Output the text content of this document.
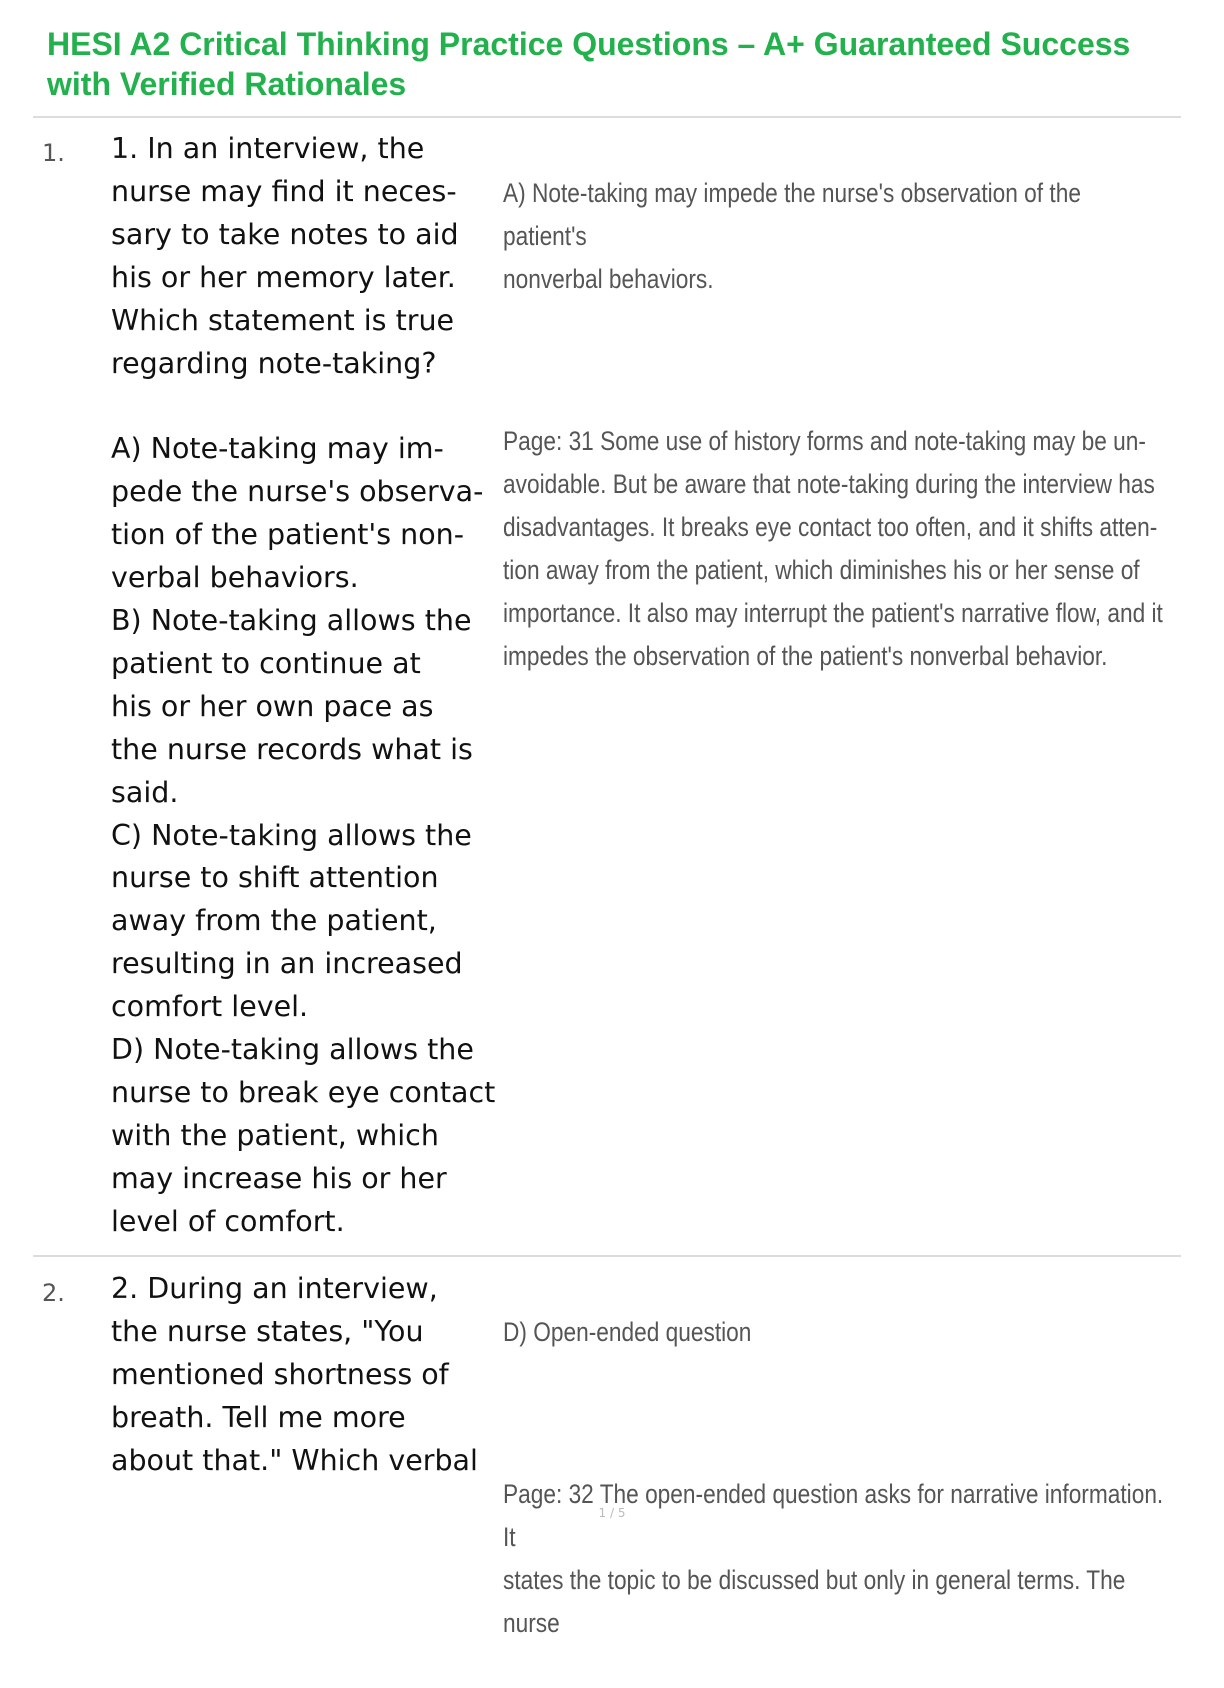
HESI A2 Critical Thinking Practice Questions – A+ Guaranteed Success with Verified Rationales
1. 1. In an interview, the
nurse may find it neces-
sary to take notes to aid
his or her memory later.
Which statement is true
regarding note-taking?

A) Note-taking may im-
pede the nurse's observa-
tion of the patient's non-
verbal behaviors.
B) Note-taking allows the
patient to continue at
his or her own pace as
the nurse records what is
said.
C) Note-taking allows the
nurse to shift attention
away from the patient,
resulting in an increased
comfort level.
D) Note-taking allows the
nurse to break eye contact
with the patient, which
may increase his or her
level of comfort.

A) Note-taking may impede the nurse's observation of the patient's
nonverbal behaviors.

Page: 31 Some use of history forms and note-taking may be un-
avoidable. But be aware that note-taking during the interview has
disadvantages. It breaks eye contact too often, and it shifts atten-
tion away from the patient, which diminishes his or her sense of
importance. It also may interrupt the patient's narrative flow, and it
impedes the observation of the patient's nonverbal behavior.

2. 2. During an interview,
the nurse states, "You
mentioned shortness of
breath. Tell me more
about that." Which verbal

D) Open-ended question

Page: 32 The open-ended question asks for narrative information. It
states the topic to be discussed but only in general terms. The nurse

1 / 5
